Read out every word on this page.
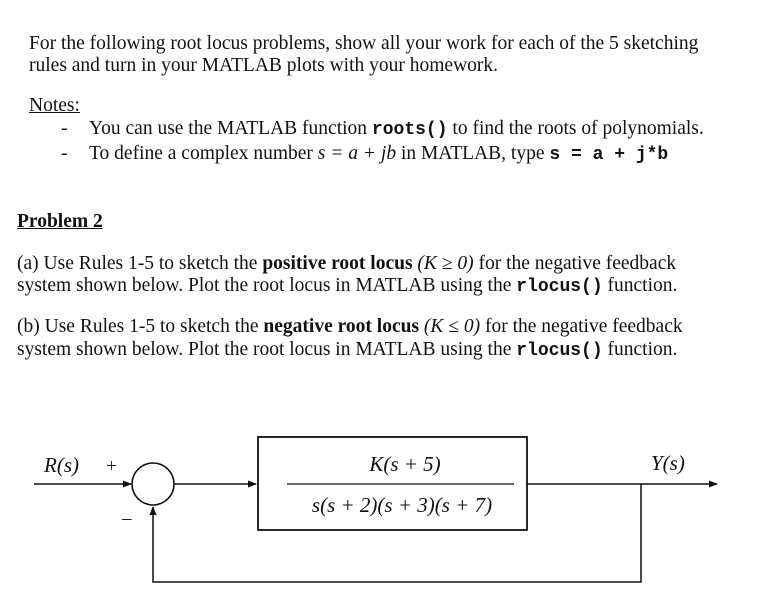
For the following root locus problems, show all your work for each of the 5 sketching
rules and turn in your MATLAB plots with your homework.
Notes:
- You can use the MATLAB function roots() to find the roots of polynomials.
- To define a complex number s = a + jb in MATLAB, type s = a + j*b
Problem 2
(a) Use Rules 1-5 to sketch the positive root locus (K ≥ 0) for the negative feedback
system shown below. Plot the root locus in MATLAB using the rlocus() function.
(b) Use Rules 1-5 to sketch the negative root locus (K ≤ 0) for the negative feedback
system shown below. Plot the root locus in MATLAB using the rlocus() function.
R(s) +
–
K(s + 5)
s(s + 2)(s + 3)(s + 7)
Y(s)
